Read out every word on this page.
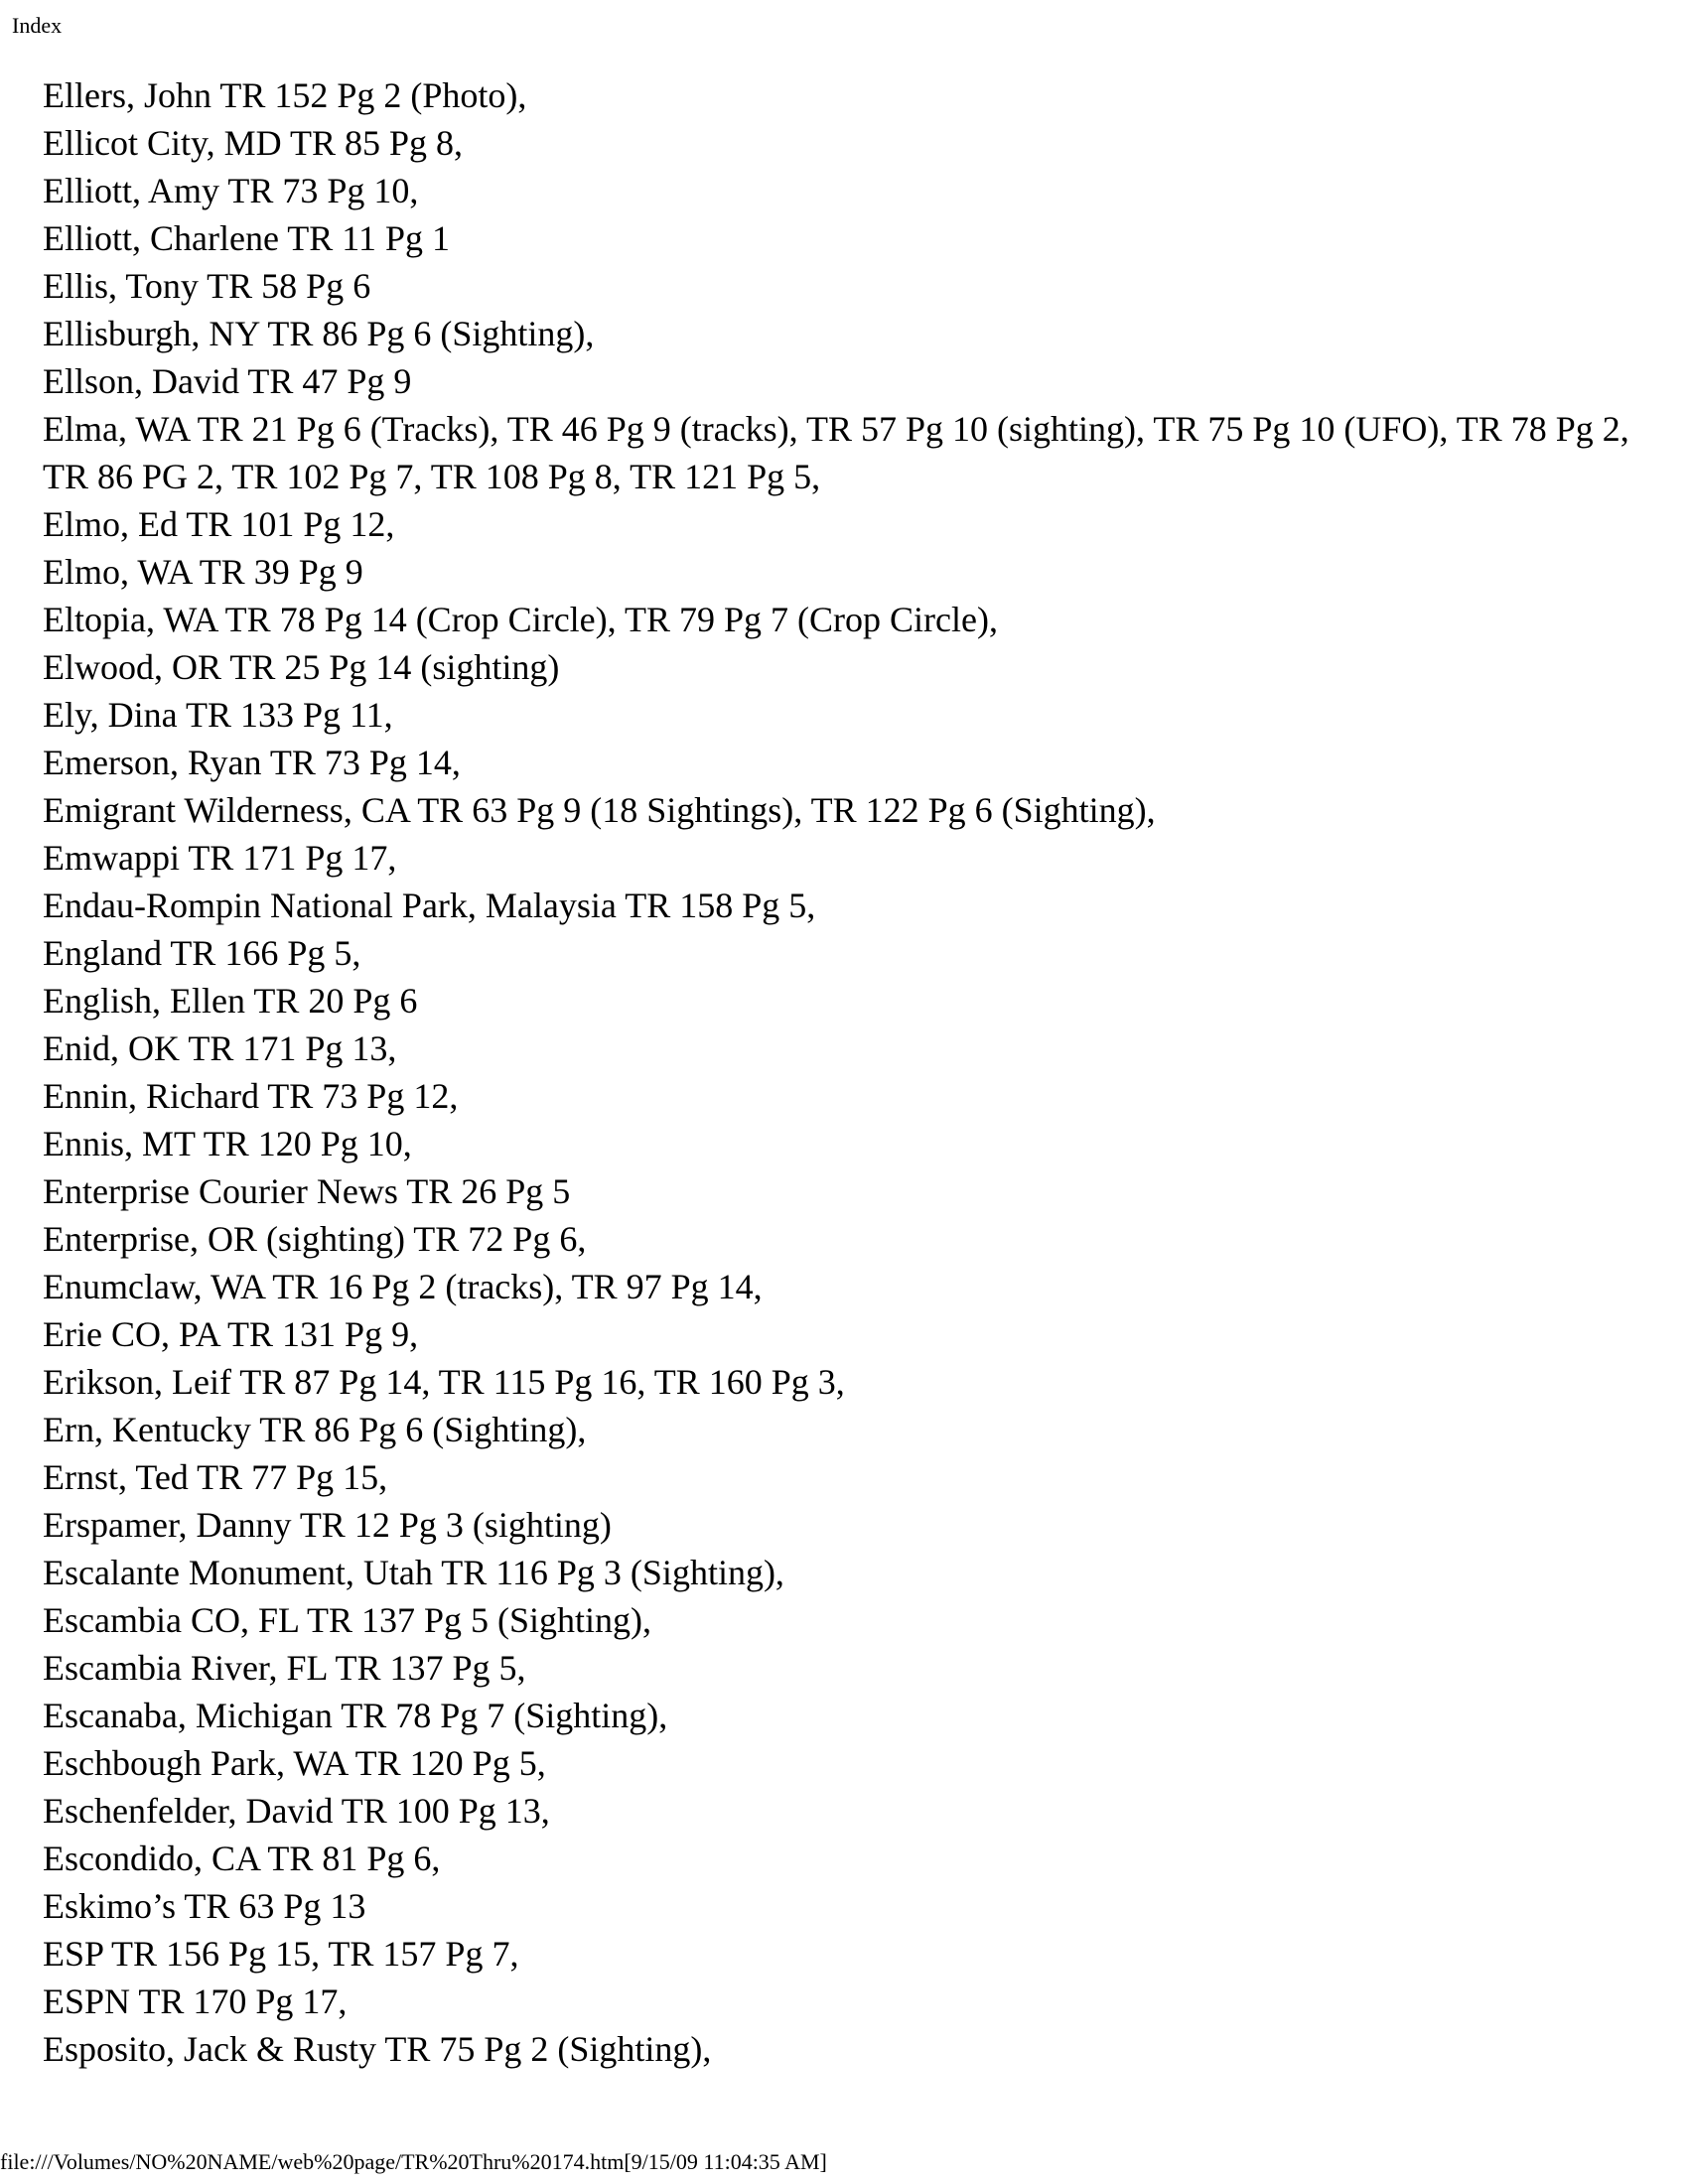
Index
Ellers, John TR 152 Pg 2 (Photo),
Ellicot City, MD TR 85 Pg 8,
Elliott, Amy TR 73 Pg 10,
Elliott, Charlene TR 11 Pg 1
Ellis, Tony TR 58 Pg 6
Ellisburgh, NY TR 86 Pg 6 (Sighting),
Ellson, David TR 47 Pg 9
Elma, WA TR 21 Pg 6 (Tracks), TR 46 Pg 9 (tracks), TR 57 Pg 10 (sighting), TR 75 Pg 10 (UFO), TR 78 Pg 2, TR 86 PG 2, TR 102 Pg 7, TR 108 Pg 8, TR 121 Pg 5,
Elmo, Ed TR 101 Pg 12,
Elmo, WA TR 39 Pg 9
Eltopia, WA TR 78 Pg 14 (Crop Circle), TR 79 Pg 7 (Crop Circle),
Elwood, OR TR 25 Pg 14 (sighting)
Ely, Dina TR 133 Pg 11,
Emerson, Ryan TR 73 Pg 14,
Emigrant Wilderness, CA TR 63 Pg 9 (18 Sightings), TR 122 Pg 6 (Sighting),
Emwappi TR 171 Pg 17,
Endau-Rompin National Park, Malaysia TR 158 Pg 5,
England TR 166 Pg 5,
English, Ellen TR 20 Pg 6
Enid, OK TR 171 Pg 13,
Ennin, Richard TR 73 Pg 12,
Ennis, MT TR 120 Pg 10,
Enterprise Courier News TR 26 Pg 5
Enterprise, OR (sighting) TR 72 Pg 6,
Enumclaw, WA TR 16 Pg 2 (tracks), TR 97 Pg 14,
Erie CO, PA TR 131 Pg 9,
Erikson, Leif TR 87 Pg 14, TR 115 Pg 16, TR 160 Pg 3,
Ern, Kentucky TR 86 Pg 6 (Sighting),
Ernst, Ted TR 77 Pg 15,
Erspamer, Danny TR 12 Pg 3 (sighting)
Escalante Monument, Utah TR 116 Pg 3 (Sighting),
Escambia CO, FL TR 137 Pg 5 (Sighting),
Escambia River, FL TR 137 Pg 5,
Escanaba, Michigan TR 78 Pg 7 (Sighting),
Eschbough Park, WA TR 120 Pg 5,
Eschenfelder, David TR 100 Pg 13,
Escondido, CA TR 81 Pg 6,
Eskimo’s TR 63 Pg 13
ESP TR 156 Pg 15, TR 157 Pg 7,
ESPN TR 170 Pg 17,
Esposito, Jack & Rusty TR 75 Pg 2 (Sighting),
file:///Volumes/NO%20NAME/web%20page/TR%20Thru%20174.htm[9/15/09 11:04:35 AM]
